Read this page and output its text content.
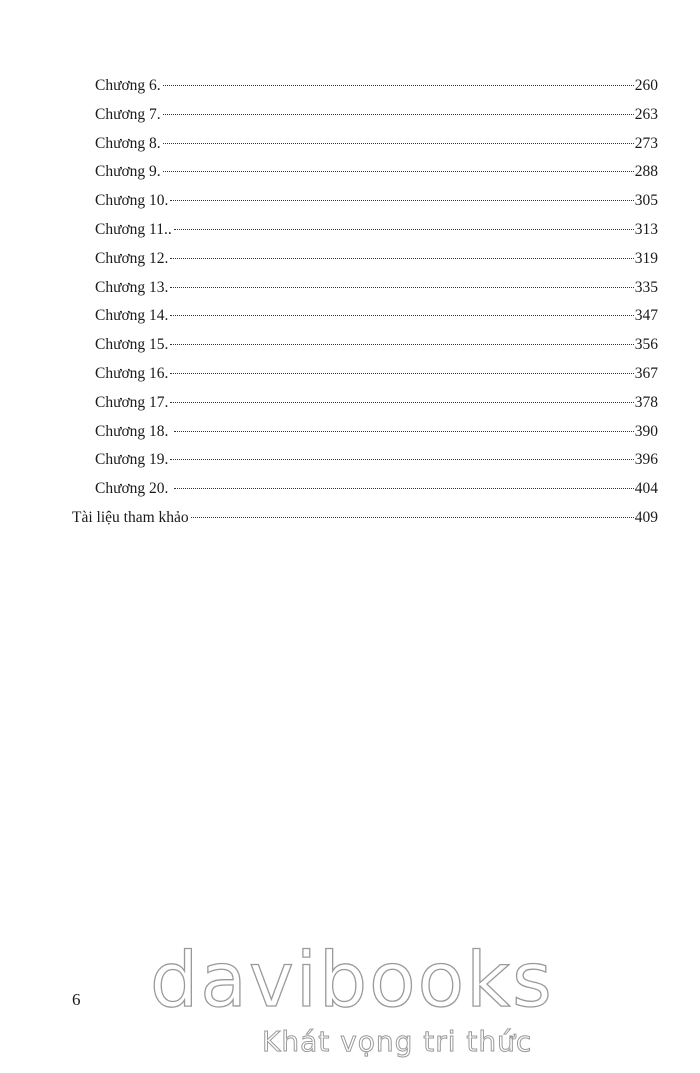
Chương 6.	260
Chương 7.	263
Chương 8.	273
Chương 9.	288
Chương 10.	305
Chương 11..	313
Chương 12.	319
Chương 13.	335
Chương 14.	347
Chương 15.	356
Chương 16.	367
Chương 17.	378
Chương 18.	390
Chương 19.	396
Chương 20.	404
Tài liệu tham khảo	409
6 davibooks
Khát vọng tri thức
